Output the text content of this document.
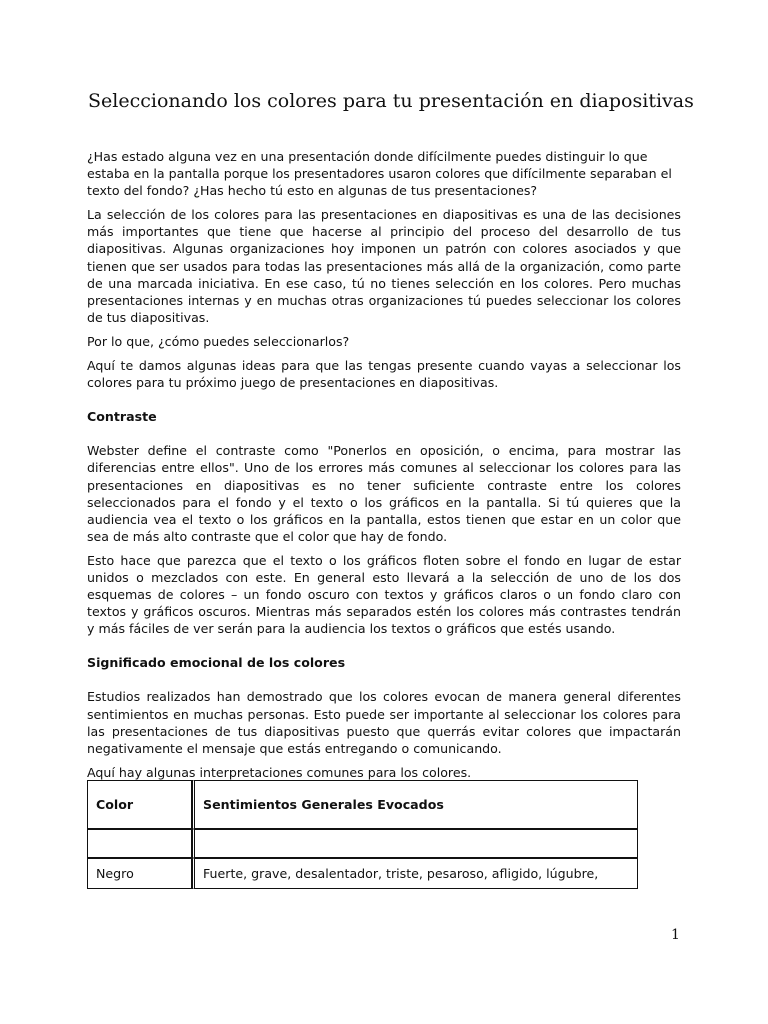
Seleccionando los colores para tu presentación en diapositivas

¿Has estado alguna vez en una presentación donde difícilmente puedes distinguir lo que estaba en la pantalla porque los presentadores usaron colores que difícilmente separaban el texto del fondo? ¿Has hecho tú esto en algunas de tus presentaciones?

La selección de los colores para las presentaciones en diapositivas es una de las decisiones más importantes que tiene que hacerse al principio del proceso del desarrollo de tus diapositivas. Algunas organizaciones hoy imponen un patrón con colores asociados y que tienen que ser usados para todas las presentaciones más allá de la organización, como parte de una marcada iniciativa. En ese caso, tú no tienes selección en los colores. Pero muchas presentaciones internas y en muchas otras organizaciones tú puedes seleccionar los colores de tus diapositivas.

Por lo que, ¿cómo puedes seleccionarlos?

Aquí te damos algunas ideas para que las tengas presente cuando vayas a seleccionar los colores para tu próximo juego de presentaciones en diapositivas.

Contraste

Webster define el contraste como "Ponerlos en oposición, o encima, para mostrar las diferencias entre ellos". Uno de los errores más comunes al seleccionar los colores para las presentaciones en diapositivas es no tener suficiente contraste entre los colores seleccionados para el fondo y el texto o los gráficos en la pantalla. Si tú quieres que la audiencia vea el texto o los gráficos en la pantalla, estos tienen que estar en un color que sea de más alto contraste que el color que hay de fondo.

Esto hace que parezca que el texto o los gráficos floten sobre el fondo en lugar de estar unidos o mezclados con este. En general esto llevará a la selección de uno de los dos esquemas de colores – un fondo oscuro con textos y gráficos claros o un fondo claro con textos y gráficos oscuros. Mientras más separados estén los colores más contrastes tendrán y más fáciles de ver serán para la audiencia los textos o gráficos que estés usando.

Significado emocional de los colores

Estudios realizados han demostrado que los colores evocan de manera general diferentes sentimientos en muchas personas. Esto puede ser importante al seleccionar los colores para las presentaciones de tus diapositivas puesto que querrás evitar colores que impactarán negativamente el mensaje que estás entregando o comunicando.

Aquí hay algunas interpretaciones comunes para los colores.

Color	Sentimientos Generales Evocados

Negro	Fuerte, grave, desalentador, triste, pesaroso, afligido, lúgubre,
1
